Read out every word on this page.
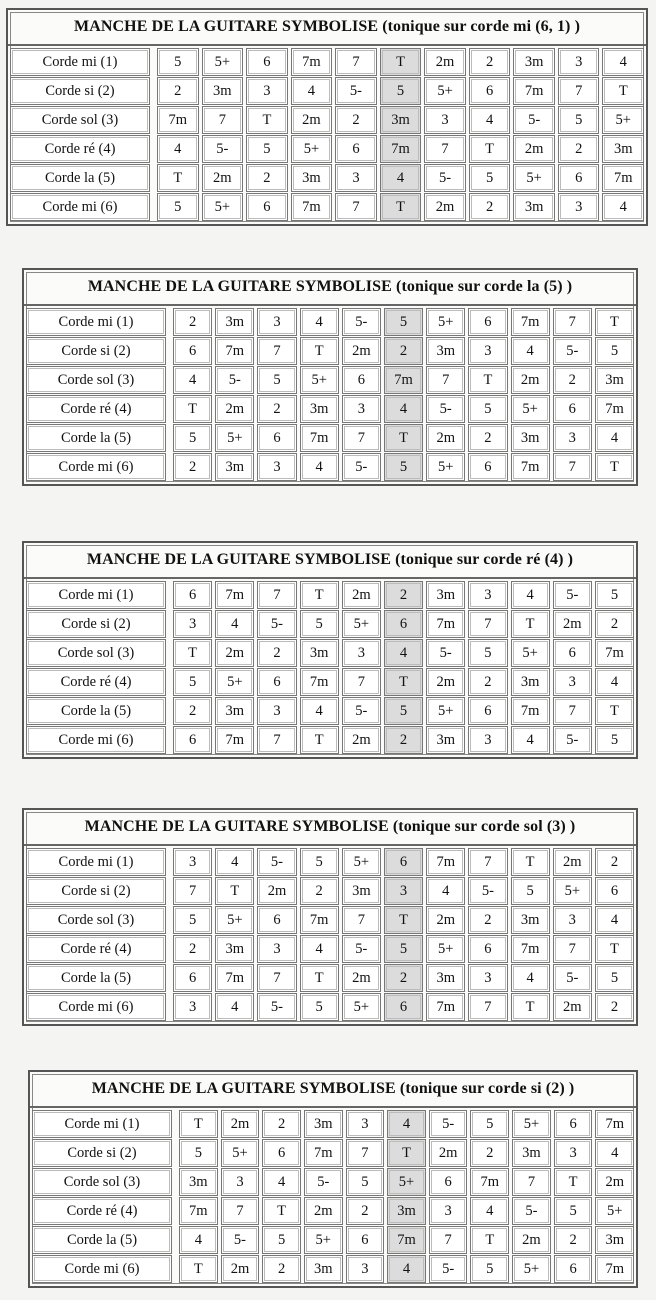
MANCHE DE LA GUITARE SYMBOLISE
(tonique sur corde mi (6, 1) )
Corde mi (1)	5	5+	6	7m	7	T	2m	2	3m	3	4
Corde si (2)	2	3m	3	4	5-	5	5+	6	7m	7	T
Corde sol (3)	7m	7	T	2m	2	3m	3	4	5-	5	5+
Corde ré (4)	4	5-	5	5+	6	7m	7	T	2m	2	3m
Corde la (5)	T	2m	2	3m	3	4	5-	5	5+	6	7m
Corde mi (6)	5	5+	6	7m	7	T	2m	2	3m	3	4
MANCHE DE LA GUITARE SYMBOLISE
(tonique sur corde la (5) )
Corde mi (1)	2	3m	3	4	5-	5	5+	6	7m	7	T
Corde si (2)	6	7m	7	T	2m	2	3m	3	4	5-	5
Corde sol (3)	4	5-	5	5+	6	7m	7	T	2m	2	3m
Corde ré (4)	T	2m	2	3m	3	4	5-	5	5+	6	7m
Corde la (5)	5	5+	6	7m	7	T	2m	2	3m	3	4
Corde mi (6)	2	3m	3	4	5-	5	5+	6	7m	7	T
MANCHE DE LA GUITARE SYMBOLISE
(tonique sur corde ré (4) )
Corde mi (1)	6	7m	7	T	2m	2	3m	3	4	5-	5
Corde si (2)	3	4	5-	5	5+	6	7m	7	T	2m	2
Corde sol (3)	T	2m	2	3m	3	4	5-	5	5+	6	7m
Corde ré (4)	5	5+	6	7m	7	T	2m	2	3m	3	4
Corde la (5)	2	3m	3	4	5-	5	5+	6	7m	7	T
Corde mi (6)	6	7m	7	T	2m	2	3m	3	4	5-	5
MANCHE DE LA GUITARE SYMBOLISE
(tonique sur corde sol (3) )
Corde mi (1)	3	4	5-	5	5+	6	7m	7	T	2m	2
Corde si (2)	7	T	2m	2	3m	3	4	5-	5	5+	6
Corde sol (3)	5	5+	6	7m	7	T	2m	2	3m	3	4
Corde ré (4)	2	3m	3	4	5-	5	5+	6	7m	7	T
Corde la (5)	6	7m	7	T	2m	2	3m	3	4	5-	5
Corde mi (6)	3	4	5-	5	5+	6	7m	7	T	2m	2
MANCHE DE LA GUITARE SYMBOLISE
(tonique sur corde si (2) )
Corde mi (1)	T	2m	2	3m	3	4	5-	5	5+	6	7m
Corde si (2)	5	5+	6	7m	7	T	2m	2	3m	3	4
Corde sol (3)	3m	3	4	5-	5	5+	6	7m	7	T	2m
Corde ré (4)	7m	7	T	2m	2	3m	3	4	5-	5	5+
Corde la (5)	4	5-	5	5+	6	7m	7	T	2m	2	3m
Corde mi (6)	T	2m	2	3m	3	4	5-	5	5+	6	7m
